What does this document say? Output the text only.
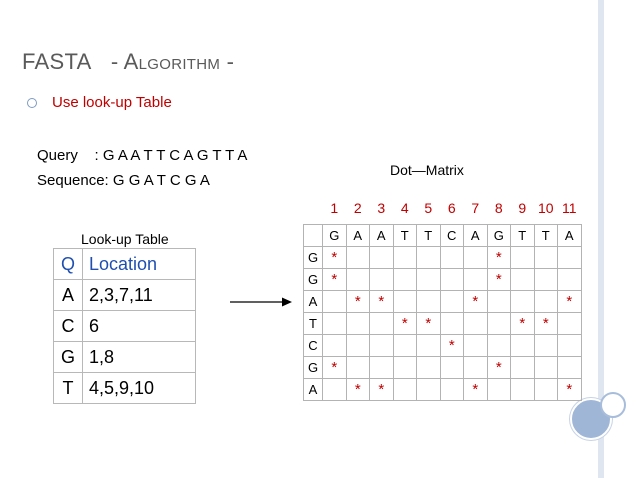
FASTA - ALGORITHM -
Use look-up Table
Query    : G A A T T C A G T T A
Sequence: G G A T C G A
Dot—Matrix
Look-up Table
Q	Location
A	2,3,7,11
C	6
G	1,8
T	4,5,9,10
1	2	3	4	5	6	7	8	9 10 11
	G	A	A	T	T	C	A	G	T	T	A
G	*							*			
G	*							*			
A		*	*				*				*
T				*	*				*	*	
C						*					
G	*							*			
A		*	*				*				*
